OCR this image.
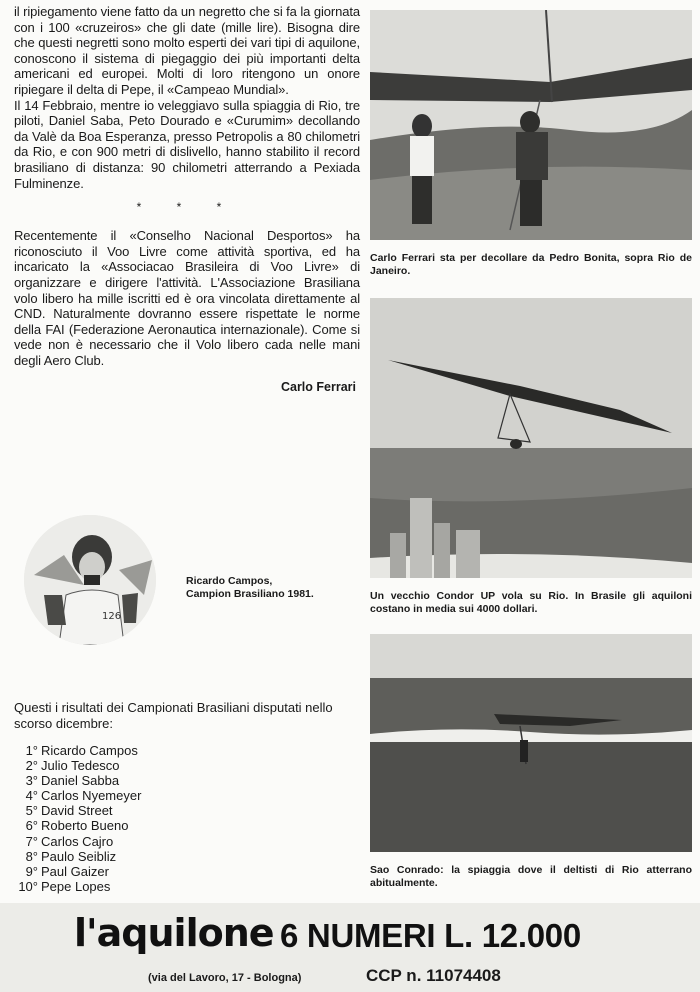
il ripiegamento viene fatto da un negretto che si fa la giornata con i 100 «cruzeiros» che gli date (mille lire). Bisogna dire che questi negretti sono molto esperti dei vari tipi di aquilone, conoscono il sistema di piegaggio dei più importanti delta americani ed europei. Molti di loro ritengono un onore ripiegare il delta di Pepe, il «Campeao Mundial».

Il 14 Febbraio, mentre io veleggiavo sulla spiaggia di Rio, tre piloti, Daniel Saba, Peto Dourado e «Curumim» decollando da Valè da Boa Esperanza, presso Petropolis a 80 chilometri da Rio, e con 900 metri di dislivello, hanno stabilito il record brasiliano di distanza: 90 chilometri atterrando a Pexiada Fulminenze.

* * *

Recentemente il «Conselho Nacional Desportos» ha riconosciuto il Voo Livre come attività sportiva, ed ha incaricato la «Associacao Brasileira di Voo Livre» di organizzare e dirigere l'attività. L'Associazione Brasiliana volo libero ha mille iscritti ed è ora vincolata direttamente al CND. Naturalmente dovranno essere rispettate le norme della FAI (Federazione Aeronautica internazionale). Come si vede non è necessario che il Volo libero cada nelle mani degli Aero Club.

Carlo Ferrari
126
Ricardo Campos, Campion Brasiliano 1981.
Questi i risultati dei Campionati Brasiliani disputati nello scorso dicembre:
1° Ricardo Campos
2° Julio Tedesco
3° Daniel Sabba
4° Carlos Nyemeyer
5° David Street
6° Roberto Bueno
7° Carlos Cajro
8° Paulo Seibliz
9° Paul Gaizer
10° Pepe Lopes

Carlo Ferrari sta per decollare da Pedro Bonita, sopra Rio de Janeiro.

Un vecchio Condor UP vola su Rio. In Brasile gli aquiloni costano in media sui 4000 dollari.

Sao Conrado: la spiaggia dove il deltisti di Rio atterrano abitualmente.

l'aquilone 6 NUMERI L. 12.000
(via del Lavoro, 17 - Bologna)	CCP n. 11074408
